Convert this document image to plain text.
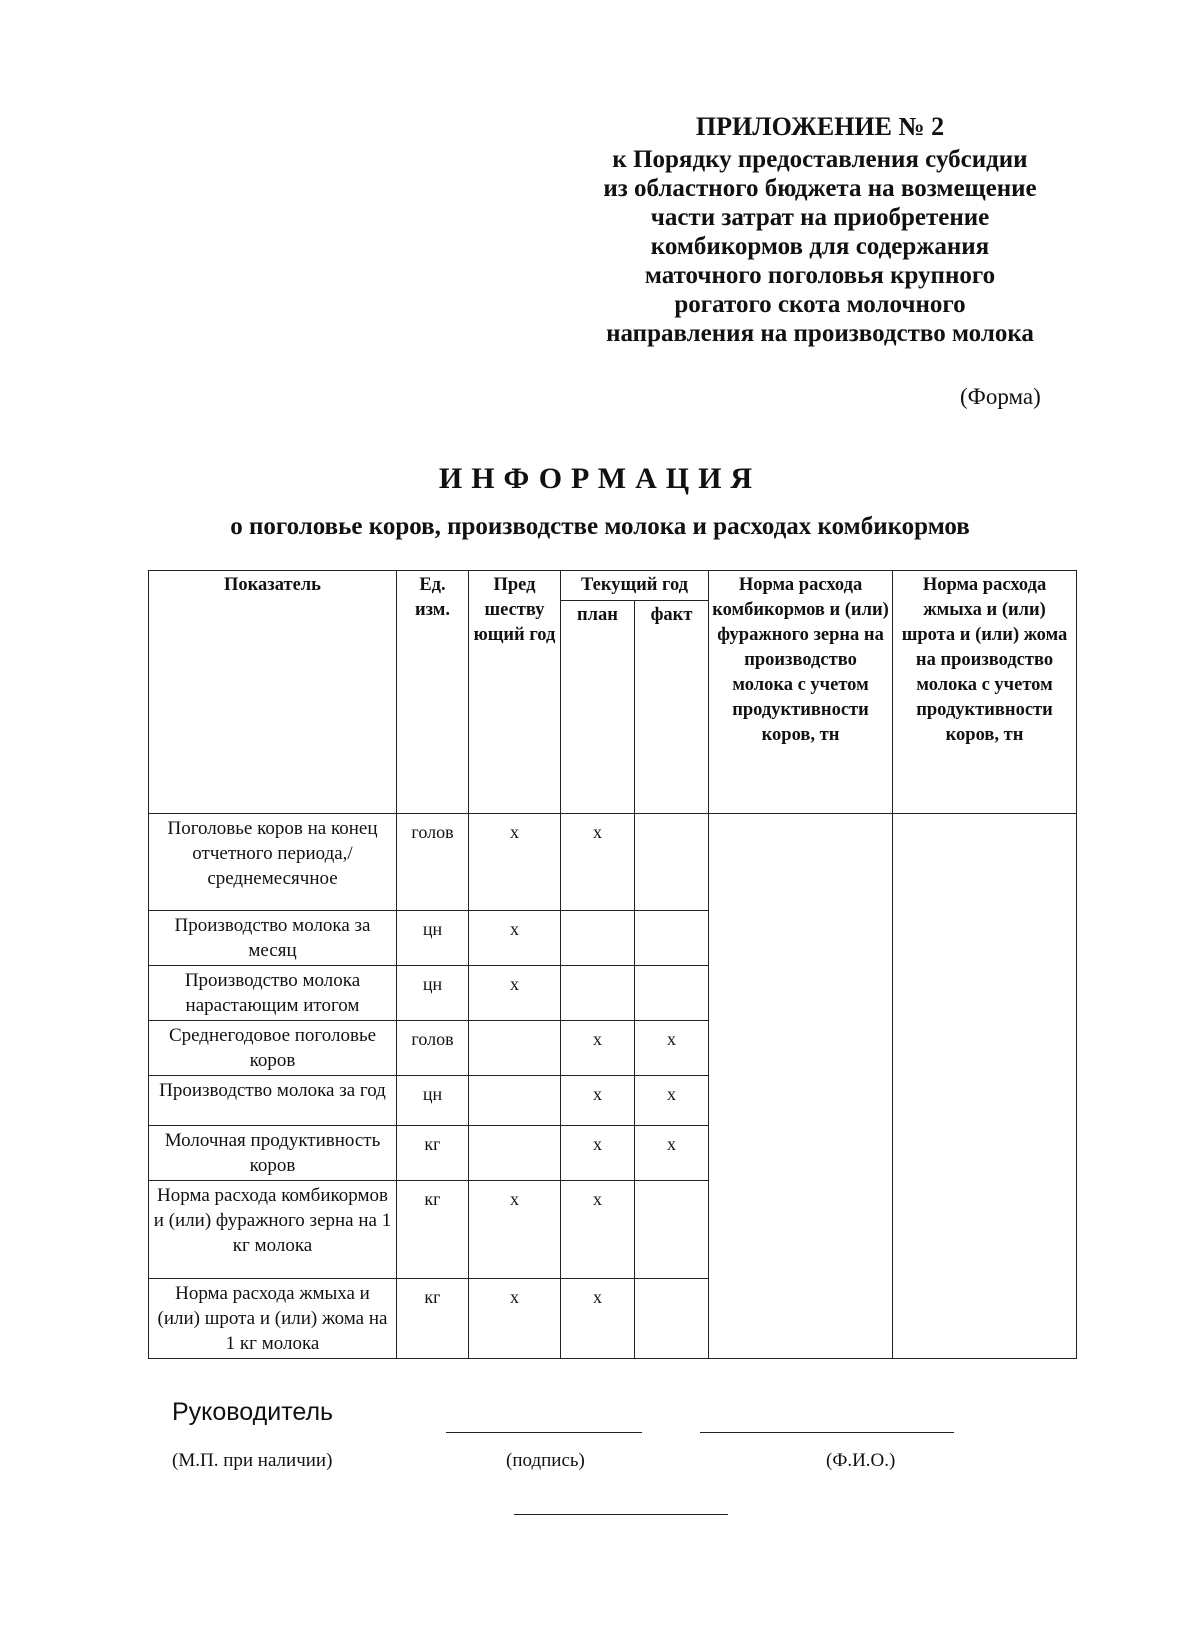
ПРИЛОЖЕНИЕ № 2
к Порядку предоставления субсидии
из областного бюджета на возмещение
части затрат на приобретение
комбикормов для содержания
маточного поголовья крупного
рогатого скота молочного
направления на производство молока
(Форма)
ИНФОРМАЦИЯ
о поголовье коров, производстве молока и расходах комбикормов
Показатель	Ед. изм.	Пред шеству ющий год	Текущий год		Норма расхода комбикормов и (или) фуражного зерна на производство молока с учетом продуктивности коров, тн	Норма расхода жмыха и (или) шрота и (или) жома на производство молока с учетом продуктивности коров, тн
			план	факт		
Поголовье коров на конец отчетного периода,/ среднемесячное	голов	х	х			
Производство молока за месяц	цн	х				
Производство молока нарастающим итогом	цн	х				
Среднегодовое поголовье коров	голов		х	х		
Производство молока за год	цн		х	х		
Молочная продуктивность коров	кг		х	х		
Норма расхода комбикормов и (или) фуражного зерна на 1 кг молока	кг	х	х			
Норма расхода жмыха и (или) шрота и (или) жома на 1 кг молока	кг	х	х			
Руководитель
(М.П. при наличии)	(подпись)	(Ф.И.О.)
